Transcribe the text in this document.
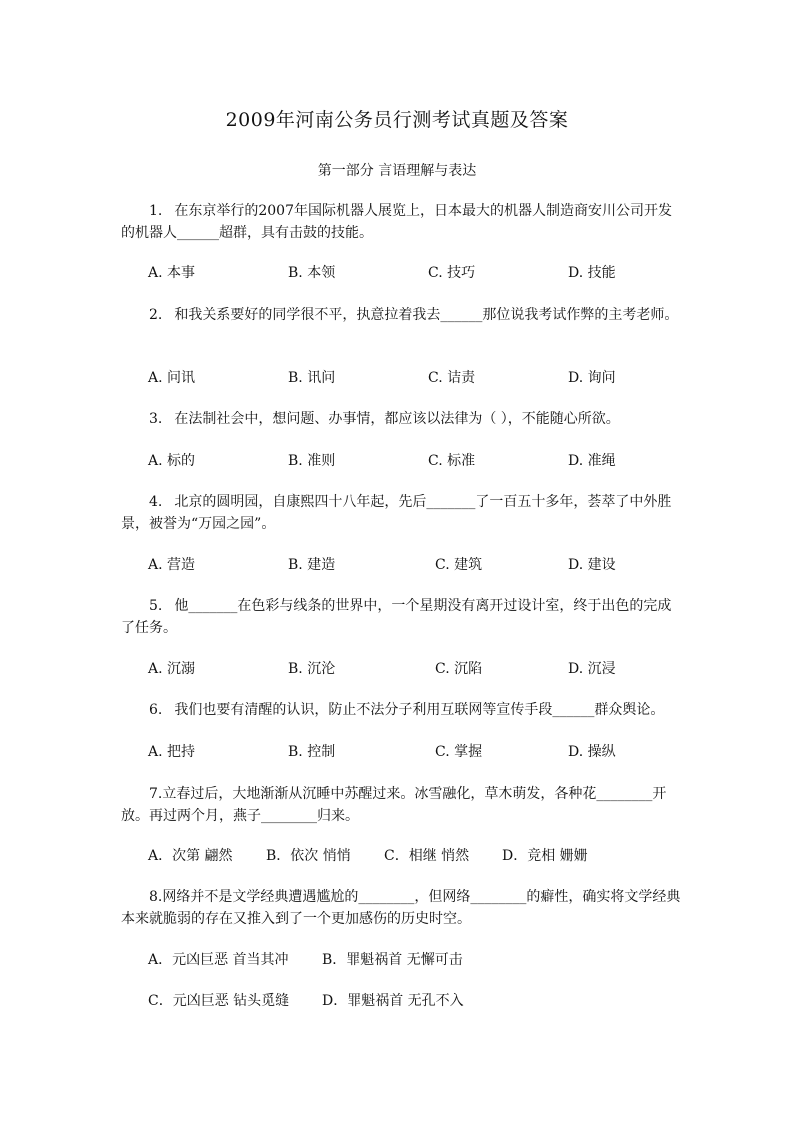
2009年河南公务员行测考试真题及答案
第一部分 言语理解与表达
1. 在东京举行的2007年国际机器人展览上，日本最大的机器人制造商安川公司开发的机器人______超群，具有击鼓的技能。
A. 本事	B. 本领	C. 技巧	D. 技能
2. 和我关系要好的同学很不平，执意拉着我去______那位说我考试作弊的主考老师。
A. 问讯	B. 讯问	C. 诘责	D. 询问
3. 在法制社会中，想问题、办事情，都应该以法律为（ ），不能随心所欲。
A. 标的	B. 准则	C. 标准	D. 准绳
4. 北京的圆明园，自康熙四十八年起，先后_______了一百五十多年，荟萃了中外胜景，被誉为“万园之园”。
A. 营造	B. 建造	C. 建筑	D. 建设
5. 他_______在色彩与线条的世界中，一个星期没有离开过设计室，终于出色的完成了任务。
A. 沉溺	B. 沉沦	C. 沉陷	D. 沉浸
6. 我们也要有清醒的认识，防止不法分子利用互联网等宣传手段______群众舆论。
A. 把持	B. 控制	C. 掌握	D. 操纵
7.立春过后，大地渐渐从沉睡中苏醒过来。冰雪融化，草木萌发，各种花________开放。再过两个月，燕子________归来。
A．次第 翩然 B．依次 悄悄 C．相继 悄然 D．竞相 姗姗
8.网络并不是文学经典遭遇尴尬的________，但网络________的癖性，确实将文学经典本来就脆弱的存在又推入到了一个更加感伤的历史时空。
A．元凶巨恶 首当其冲 B．罪魁祸首 无懈可击
C．元凶巨恶 钻头觅缝 D．罪魁祸首 无孔不入
